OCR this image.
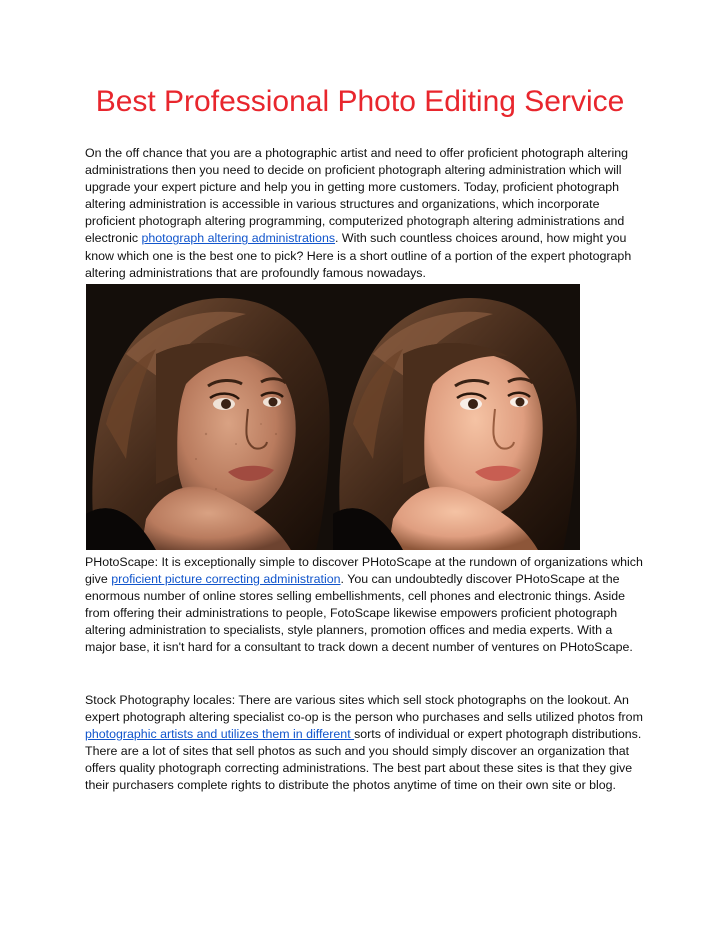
Best Professional Photo Editing Service

On the off chance that you are a photographic artist and need to offer proficient photograph altering administrations then you need to decide on proficient photograph altering administration which will upgrade your expert picture and help you in getting more customers. Today, proficient photograph altering administration is accessible in various structures and organizations, which incorporate proficient photograph altering programming, computerized photograph altering administrations and electronic photograph altering administrations. With such countless choices around, how might you know which one is the best one to pick? Here is a short outline of a portion of the expert photograph altering administrations that are profoundly famous nowadays.

PHotoScape: It is exceptionally simple to discover PHotoScape at the rundown of organizations which give proficient picture correcting administration. You can undoubtedly discover PHotoScape at the enormous number of online stores selling embellishments, cell phones and electronic things. Aside from offering their administrations to people, FotoScape likewise empowers proficient photograph altering administration to specialists, style planners, promotion offices and media experts. With a major base, it isn't hard for a consultant to track down a decent number of ventures on PHotoScape.

Stock Photography locales: There are various sites which sell stock photographs on the lookout. An expert photograph altering specialist co-op is the person who purchases and sells utilized photos from photographic artists and utilizes them in different sorts of individual or expert photograph distributions. There are a lot of sites that sell photos as such and you should simply discover an organization that offers quality photograph correcting administrations. The best part about these sites is that they give their purchasers complete rights to distribute the photos anytime of time on their own site or blog.
